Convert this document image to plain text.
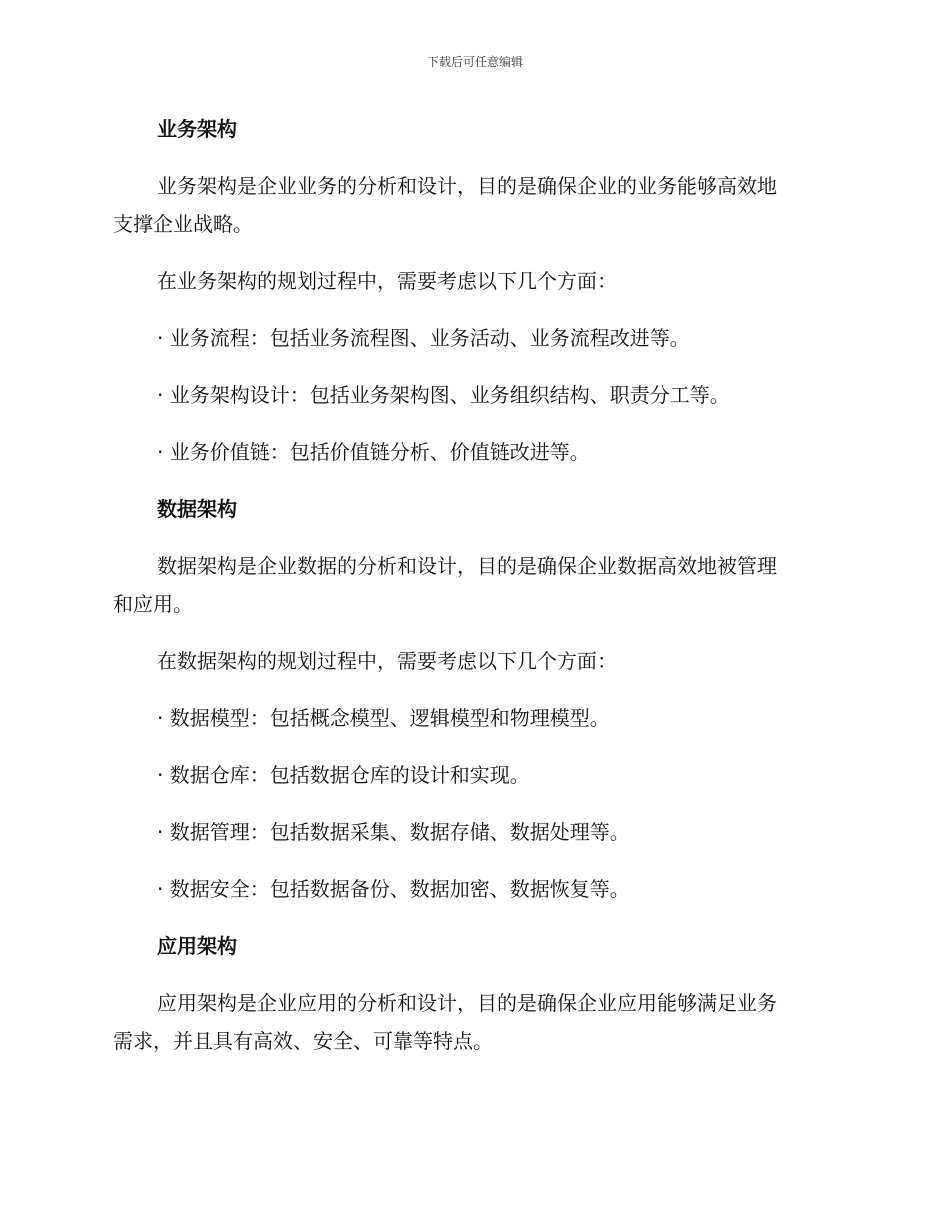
下载后可任意编辑

业务架构

业务架构是企业业务的分析和设计，目的是确保企业的业务能够高效地

支撑企业战略。

在业务架构的规划过程中，需要考虑以下几个方面：

· 业务流程：包括业务流程图、业务活动、业务流程改进等。

· 业务架构设计：包括业务架构图、业务组织结构、职责分工等。

· 业务价值链：包括价值链分析、价值链改进等。

数据架构

数据架构是企业数据的分析和设计，目的是确保企业数据高效地被管理

和应用。

在数据架构的规划过程中，需要考虑以下几个方面：

· 数据模型：包括概念模型、逻辑模型和物理模型。

· 数据仓库：包括数据仓库的设计和实现。

· 数据管理：包括数据采集、数据存储、数据处理等。

· 数据安全：包括数据备份、数据加密、数据恢复等。

应用架构

应用架构是企业应用的分析和设计，目的是确保企业应用能够满足业务

需求，并且具有高效、安全、可靠等特点。
